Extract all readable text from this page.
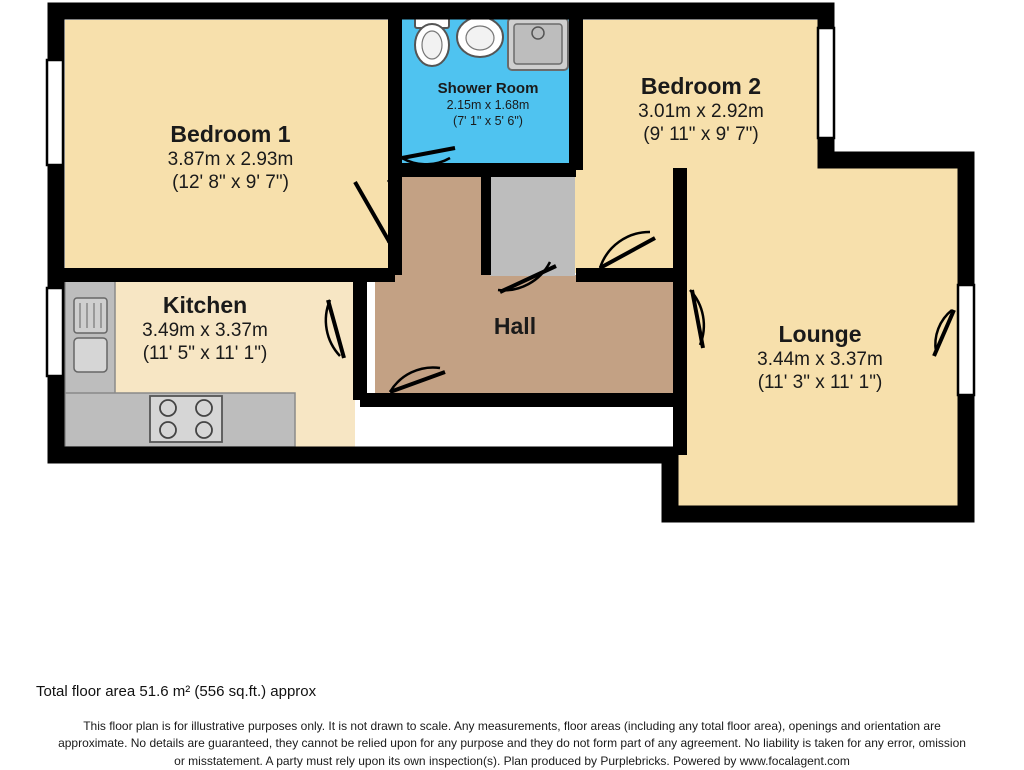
Bedroom 1
3.87m x 2.93m
(12' 8" x 9' 7")
Shower Room
2.15m x 1.68m
(7' 1" x 5' 6")
Bedroom 2
3.01m x 2.92m
(9' 11" x 9' 7")
Kitchen
3.49m x 3.37m
(11' 5" x 11' 1")
Hall	Lounge
3.44m x 3.37m
(11' 3" x 11' 1")
Total floor area 51.6 m² (556 sq.ft.) approx
This floor plan is for illustrative purposes only. It is not drawn to scale. Any measurements, floor areas (including any total floor area), openings and orientation are
approximate. No details are guaranteed, they cannot be relied upon for any purpose and they do not form part of any agreement. No liability is taken for any error, omission
or misstatement. A party must rely upon its own inspection(s). Plan produced by Purplebricks. Powered by www.focalagent.com
